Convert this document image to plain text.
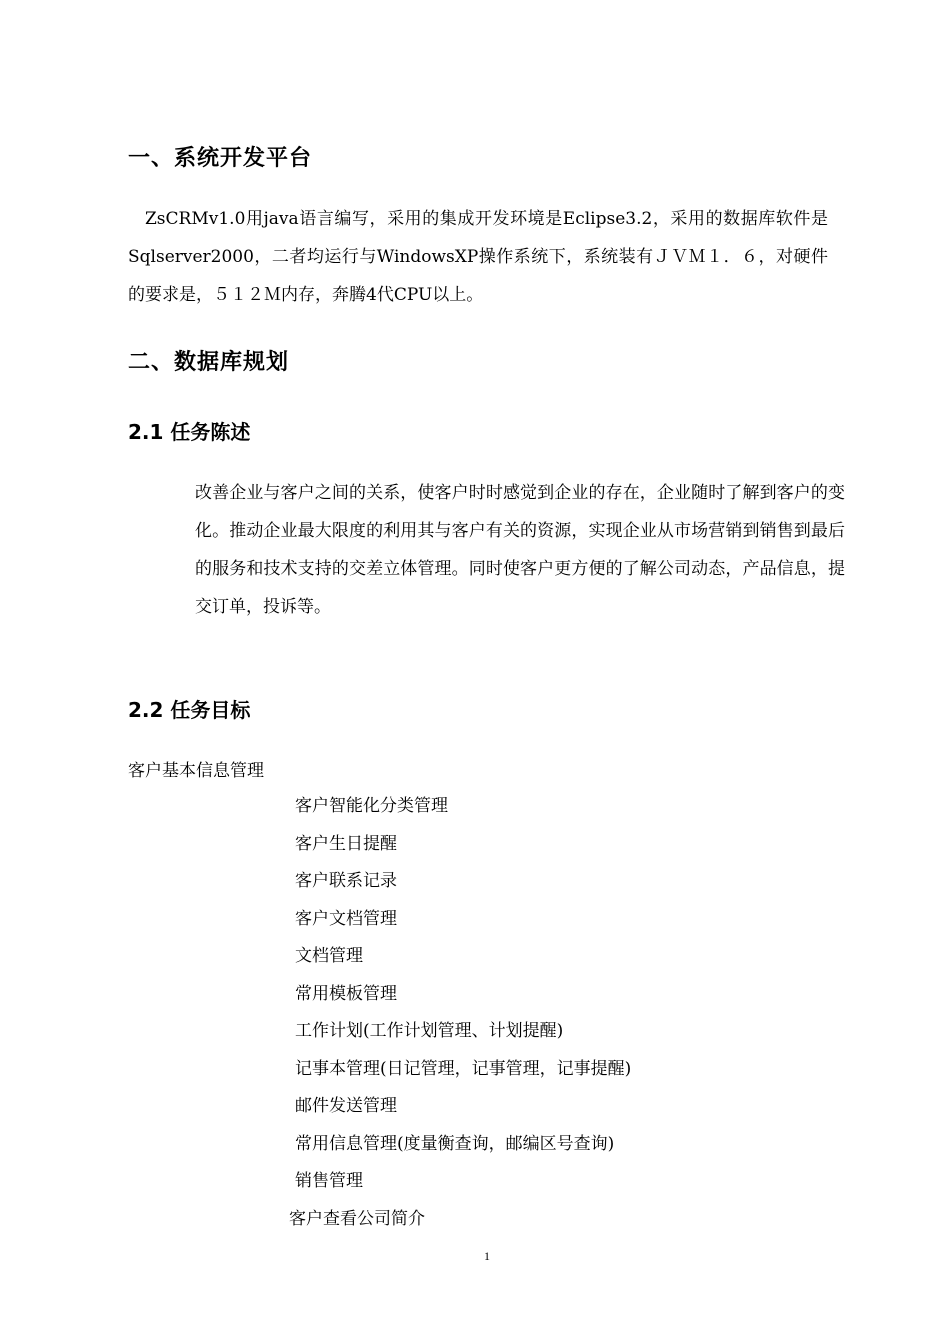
一、系统开发平台
ZsCRMv1.0用java语言编写，采用的集成开发环境是Eclipse3.2，采用的数据库软件是Sqlserver2000，二者均运行与WindowsXP操作系统下，系统装有ＪＶＭ１．６，对硬件的要求是，５１２Ｍ内存，奔腾4代CPU以上。
二、数据库规划
2.1 任务陈述
改善企业与客户之间的关系，使客户时时感觉到企业的存在，企业随时了解到客户的变化。推动企业最大限度的利用其与客户有关的资源，实现企业从市场营销到销售到最后的服务和技术支持的交差立体管理。同时使客户更方便的了解公司动态，产品信息，提交订单，投诉等。
2.2 任务目标
客户基本信息管理
客户智能化分类管理
客户生日提醒
客户联系记录
客户文档管理
文档管理
常用模板管理
工作计划(工作计划管理、计划提醒)
记事本管理(日记管理，记事管理，记事提醒)
邮件发送管理
常用信息管理(度量衡查询，邮编区号查询)
销售管理
客户查看公司简介
1
